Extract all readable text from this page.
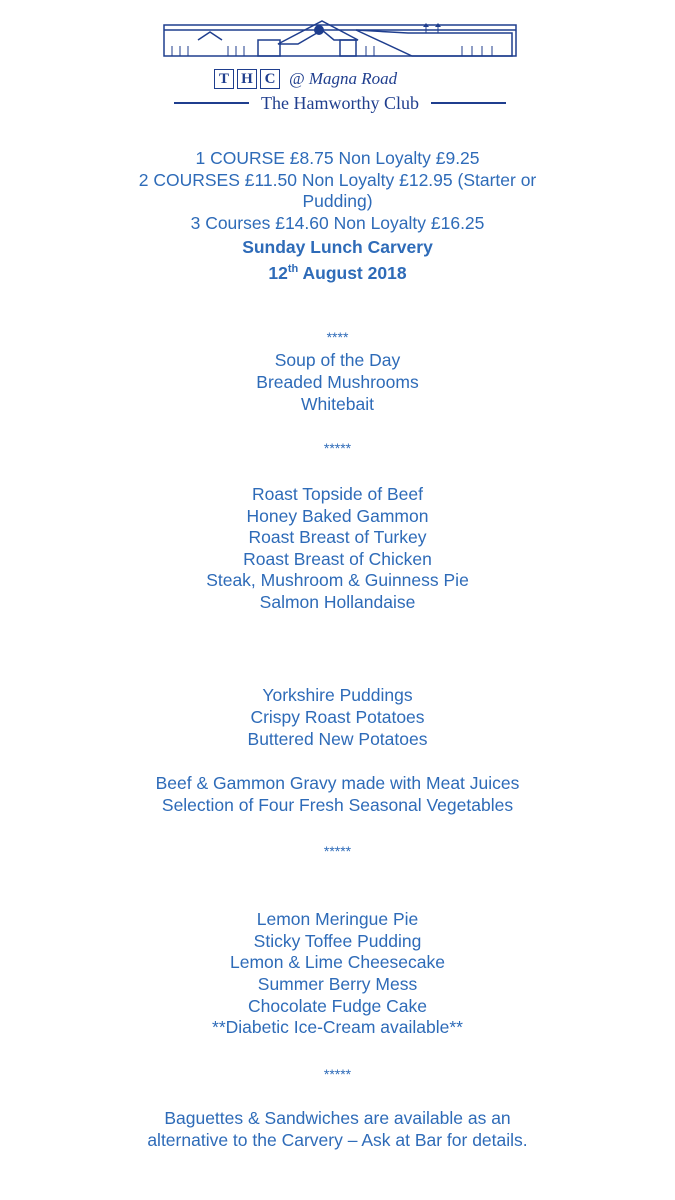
T H C @ Magna Road
The Hamworthy Club
1 COURSE £8.75 Non Loyalty £9.25
2 COURSES £11.50 Non Loyalty £12.95 (Starter or
Pudding)
3 Courses £14.60 Non Loyalty £16.25
Sunday Lunch Carvery
12th August 2018
****
Soup of the Day
Breaded Mushrooms
Whitebait
*****
Roast Topside of Beef
Honey Baked Gammon
Roast Breast of Turkey
Roast Breast of Chicken
Steak, Mushroom & Guinness Pie
Salmon Hollandaise
Yorkshire Puddings
Crispy Roast Potatoes
Buttered New Potatoes
Beef & Gammon Gravy made with Meat Juices
Selection of Four Fresh Seasonal Vegetables
*****
Lemon Meringue Pie
Sticky Toffee Pudding
Lemon & Lime Cheesecake
Summer Berry Mess
Chocolate Fudge Cake
**Diabetic Ice-Cream available**
*****
Baguettes & Sandwiches are available as an
alternative to the Carvery – Ask at Bar for details.
